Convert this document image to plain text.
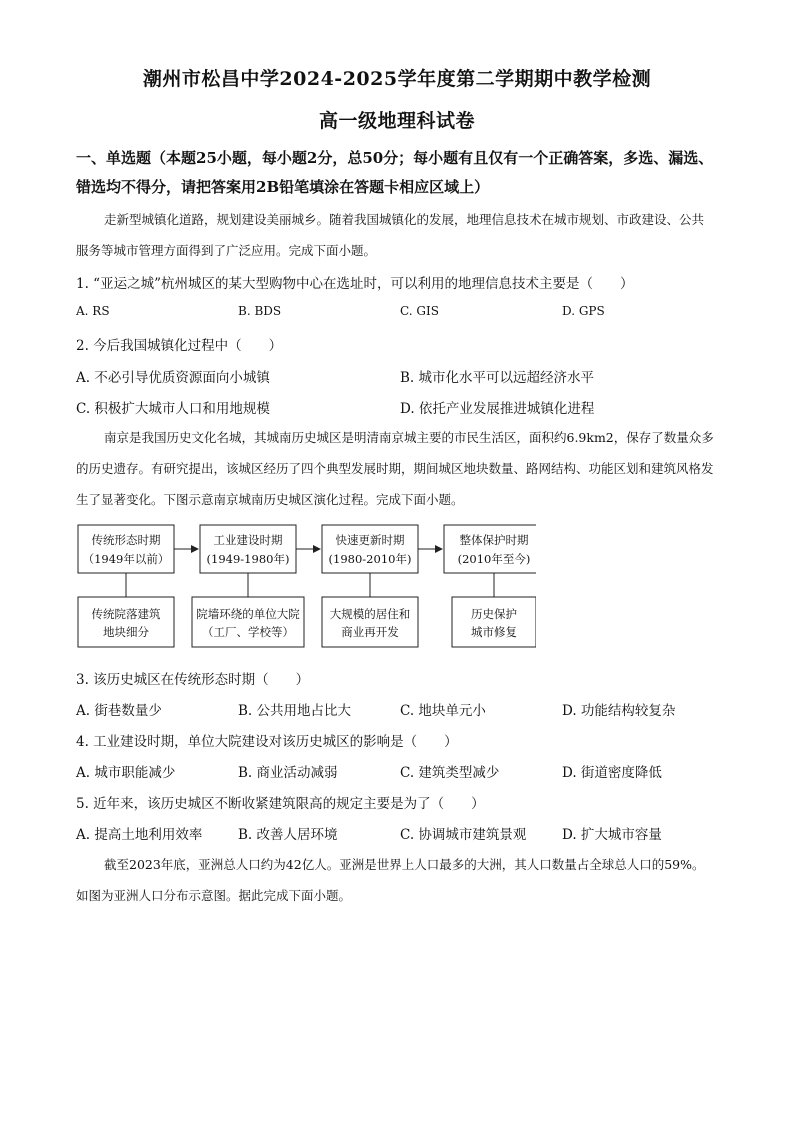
潮州市松昌中学2024-2025学年度第二学期期中教学检测
高一级地理科试卷
一、单选题（本题25小题，每小题2分，总50分；每小题有且仅有一个正确答案，多选、漏选、错选均不得分，请把答案用2B铅笔填涂在答题卡相应区域上）
走新型城镇化道路，规划建设美丽城乡。随着我国城镇化的发展，地理信息技术在城市规划、市政建设、公共服务等城市管理方面得到了广泛应用。完成下面小题。
1. “亚运之城”杭州城区的某大型购物中心在选址时，可以利用的地理信息技术主要是（　　）
A. RS	B. BDS	C. GIS	D. GPS
2. 今后我国城镇化过程中（　　）
A. 不必引导优质资源面向小城镇	B. 城市化水平可以远超经济水平
C. 积极扩大城市人口和用地规模	D. 依托产业发展推进城镇化进程
南京是我国历史文化名城，其城南历史城区是明清南京城主要的市民生活区，面积约6.9km2，保存了数量众多的历史遗存。有研究提出，该城区经历了四个典型发展时期，期间城区地块数量、路网结构、功能区划和建筑风格发生了显著变化。下图示意南京城南历史城区演化过程。完成下面小题。
传统形态时期
（1949年以前）
工业建设时期
(1949-1980年)
快速更新时期
(1980-2010年)
整体保护时期
(2010年至今)
传统院落建筑
地块细分
院墙环绕的单位大院
（工厂、学校等）
大规模的居住和
商业再开发
历史保护
城市修复
3. 该历史城区在传统形态时期（　　）
A. 街巷数量少	B. 公共用地占比大	C. 地块单元小	D. 功能结构较复杂
4. 工业建设时期，单位大院建设对该历史城区的影响是（　　）
A. 城市职能减少	B. 商业活动减弱	C. 建筑类型减少	D. 街道密度降低
5. 近年来，该历史城区不断收紧建筑限高的规定主要是为了（　　）
A. 提高土地利用效率	B. 改善人居环境	C. 协调城市建筑景观	D. 扩大城市容量
截至2023年底，亚洲总人口约为42亿人。亚洲是世界上人口最多的大洲，其人口数量占全球总人口的59%。如图为亚洲人口分布示意图。据此完成下面小题。
